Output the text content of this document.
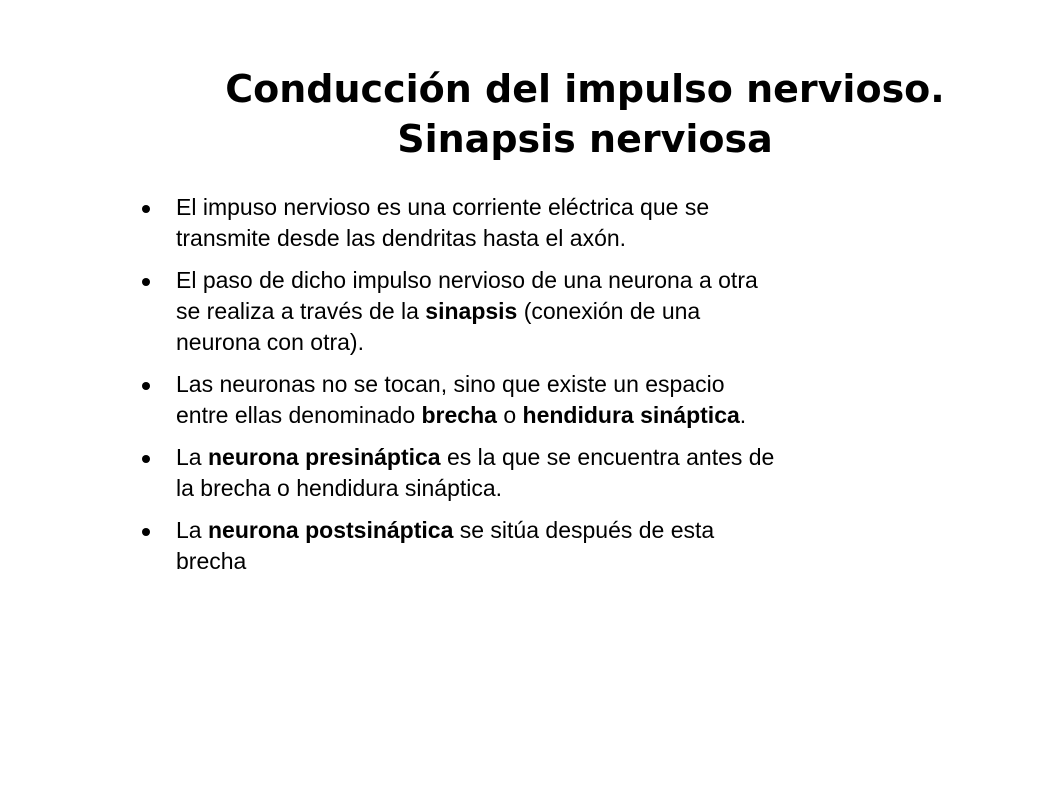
Conducción del impulso nervioso.
Sinapsis nerviosa
El impuso nervioso es una corriente eléctrica que se
transmite desde las dendritas hasta el axón.
El paso de dicho impulso nervioso de una neurona a otra
se realiza a través de la sinapsis (conexión de una
neurona con otra).
Las neuronas no se tocan, sino que existe un espacio
entre ellas denominado brecha o hendidura sináptica.
La neurona presináptica es la que se encuentra antes de
la brecha o hendidura sináptica.
La neurona postsináptica se sitúa después de esta
brecha
